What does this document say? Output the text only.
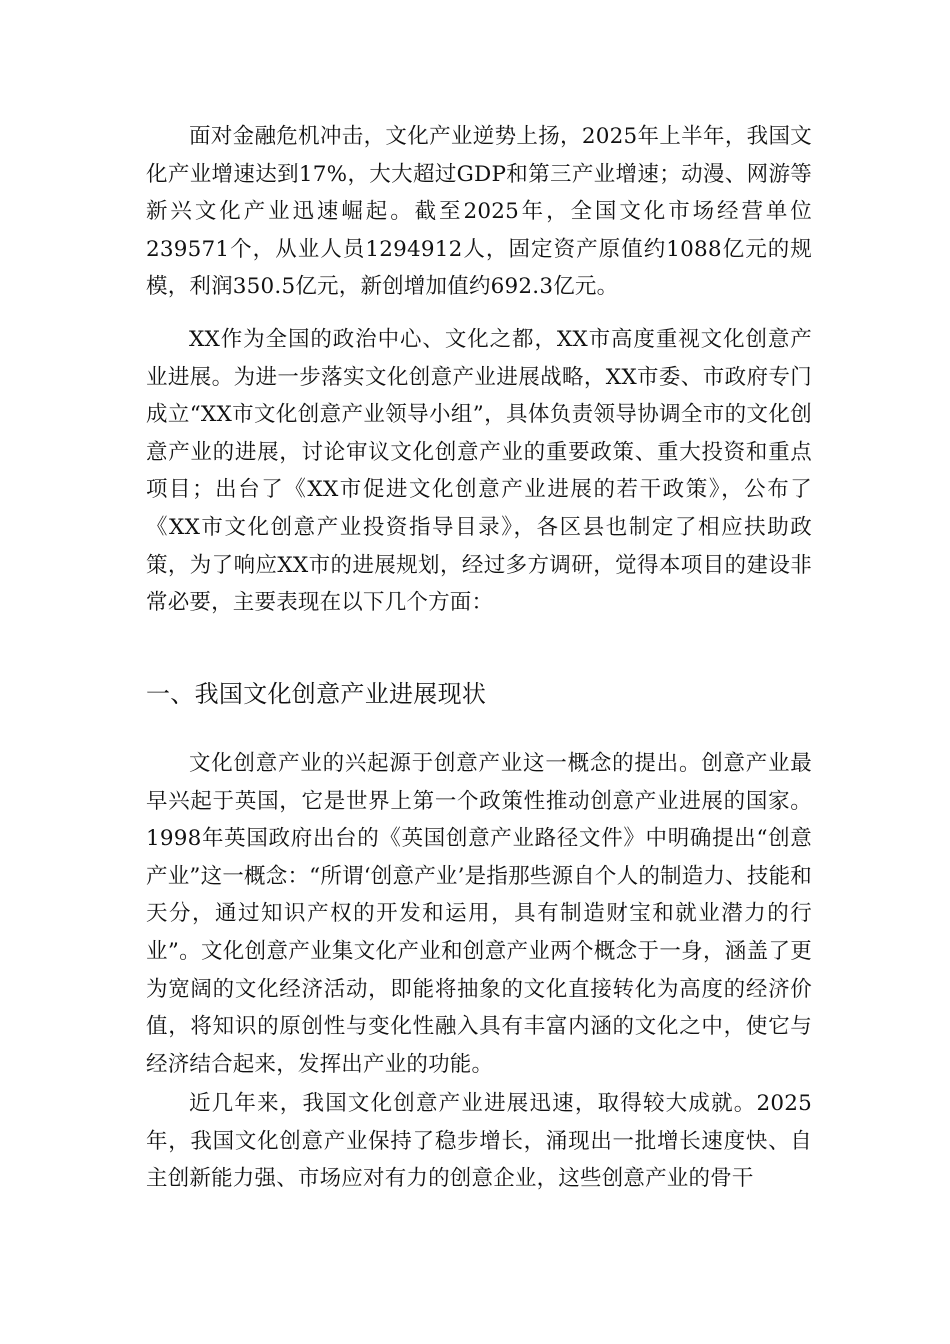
面对金融危机冲击，文化产业逆势上扬，2025年上半年，我国文化产业增速达到17%，大大超过GDP和第三产业增速；动漫、网游等新兴文化产业迅速崛起。截至2025年，全国文化市场经营单位239571个，从业人员1294912人，固定资产原值约1088亿元的规模，利润350.5亿元，新创增加值约692.3亿元。

XX作为全国的政治中心、文化之都，XX市高度重视文化创意产业进展。为进一步落实文化创意产业进展战略，XX市委、市政府专门成立“XX市文化创意产业领导小组”，具体负责领导协调全市的文化创意产业的进展，讨论审议文化创意产业的重要政策、重大投资和重点项目；出台了《XX市促进文化创意产业进展的若干政策》，公布了《XX市文化创意产业投资指导目录》，各区县也制定了相应扶助政策，为了响应XX市的进展规划，经过多方调研，觉得本项目的建设非常必要，主要表现在以下几个方面：

一、我国文化创意产业进展现状

文化创意产业的兴起源于创意产业这一概念的提出。创意产业最早兴起于英国，它是世界上第一个政策性推动创意产业进展的国家。1998年英国政府出台的《英国创意产业路径文件》中明确提出“创意产业”这一概念：“所谓‘创意产业’是指那些源自个人的制造力、技能和天分，通过知识产权的开发和运用，具有制造财宝和就业潜力的行业”。文化创意产业集文化产业和创意产业两个概念于一身，涵盖了更为宽阔的文化经济活动，即能将抽象的文化直接转化为高度的经济价值，将知识的原创性与变化性融入具有丰富内涵的文化之中，使它与经济结合起来，发挥出产业的功能。

近几年来，我国文化创意产业进展迅速，取得较大成就。2025年，我国文化创意产业保持了稳步增长，涌现出一批增长速度快、自主创新能力强、市场应对有力的创意企业，这些创意产业的骨干
